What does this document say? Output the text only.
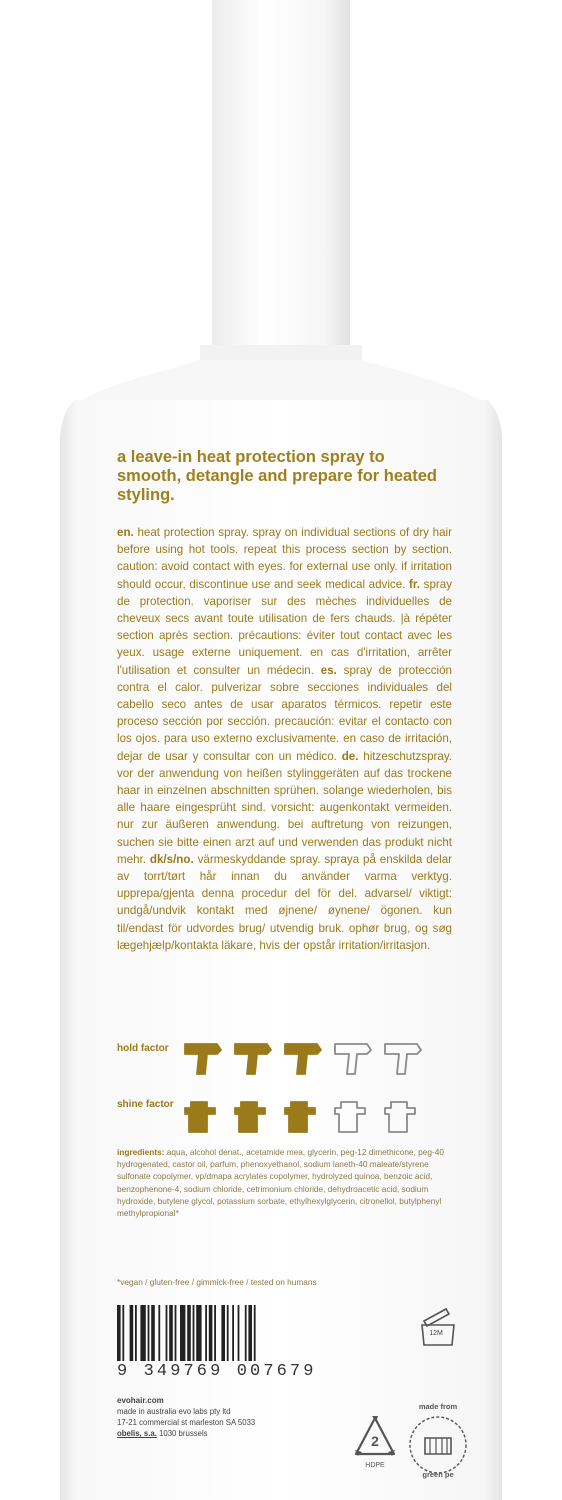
a leave-in heat protection spray to smooth, detangle and prepare for heated styling.
en. heat protection spray. spray on individual sections of dry hair before using hot tools. repeat this process section by section. caution: avoid contact with eyes. for external use only. if irritation should occur, discontinue use and seek medical advice. fr. spray de protection. vaporiser sur des mèches individuelles de cheveux secs avant toute utilisation de fers chauds. |à répéter section après section. précautions: éviter tout contact avec les yeux. usage externe uniquement. en cas d'irritation, arrêter l'utilisation et consulter un médecin. es. spray de protección contra el calor. pulverizar sobre secciones individuales del cabello seco antes de usar aparatos térmicos. repetir este proceso sección por sección. precaución: evitar el contacto con los ojos. para uso externo exclusivamente. en caso de irritación, dejar de usar y consultar con un médico. de. hitzeschutzspray. vor der anwendung von heißen stylinggeräten auf das trockene haar in einzelnen abschnitten sprühen. solange wiederholen, bis alle haare eingesprüht sind. vorsicht: augenkontakt vermeiden. nur zur äußeren anwendung. bei auftretung von reizungen, suchen sie bitte einen arzt auf und verwenden das produkt nicht mehr. dk/s/no. värmeskyddande spray. spraya på enskilda delar av torrt/tørt hår innan du använder varma verktyg. upprepa/gjenta denna procedur del för del. advarsel/ viktigt: undgå/undvik kontakt med øjnene/ øynene/ ögonen. kun til/endast för udvordes brug/ utvendig bruk. ophør brug, og søg lægehjælp/kontakta läkare, hvis der opstår irritation/irritasjon.
hold factor
shine factor
ingredients: aqua, alcohol denat., acetamide mea, glycerin, peg-12 dimethicone, peg-40 hydrogenated, castor oil, parfum, phenoxyethanol, sodium laneth-40 maleate/styrene sulfonate copolymer, vp/dmapa acrylates copolymer, hydrolyzed quinoa, benzoic acid, benzophenone-4, sodium chloride, cetrimonium chloride, dehydroacetic acid, sodium hydroxide, butylene glycol, potassium sorbate, ethylhexylglycerin, citronellol, butylphenyl methylpropional*
*vegan / gluten-free / gimmick-free / tested on humans
9 349769 007679
evohair.com
made in australia evo labs pty ltd
17-21 commercial st marleston SA 5033
obelis, s.a. 1030 brussels	2
HDPE
12M
made from
green pe
